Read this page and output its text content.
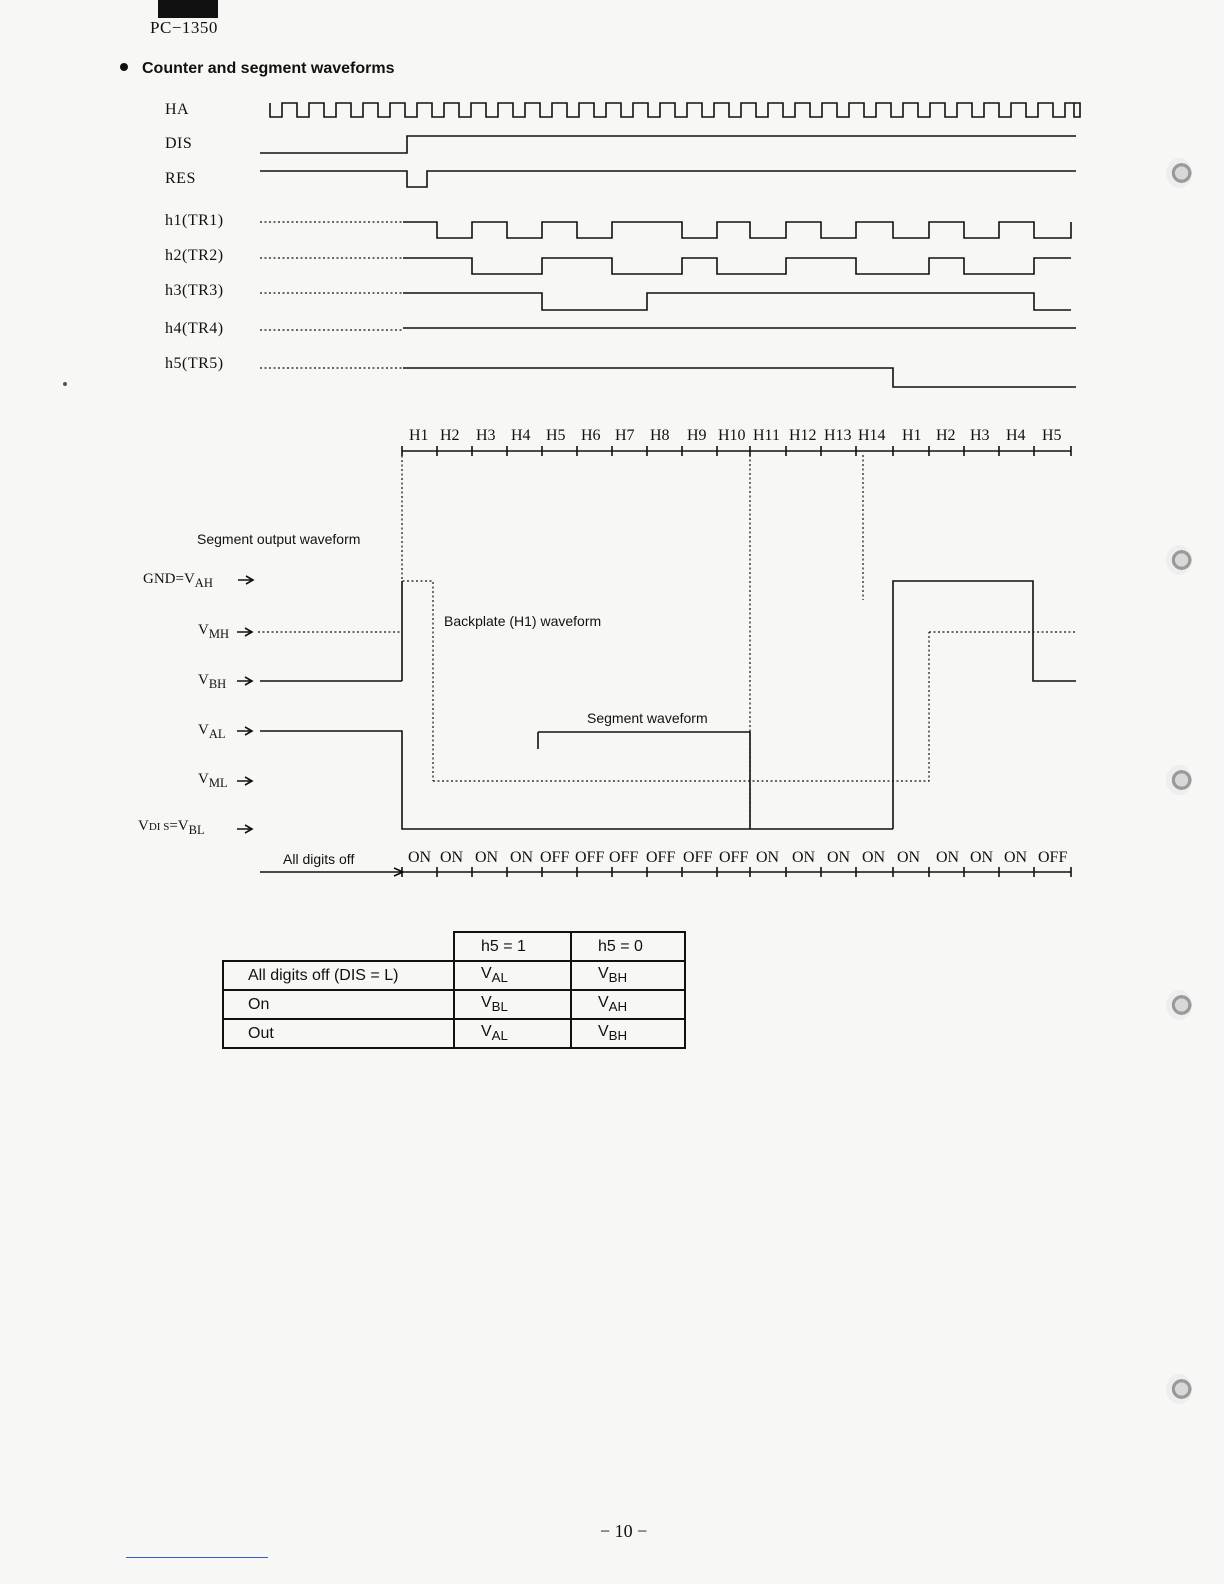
PC−1350
Counter and segment waveforms
HA
DIS
RES
h1(TR1)
h2(TR2)
h3(TR3)
h4(TR4)
h5(TR5)
H1 H2 H3 H4 H5 H6 H7 H8 H9 H10 H11 H12 H13 H14 H1 H2 H3 H4 H5
Segment output waveform
Backplate (H1) waveform
Segment waveform
All digits off
$GND=V_{AH}$
$V_{MH}$
$V_{BH}$
$V_{AL}$
$V_{ML}$
VDI $S=V_{BL}$
ON ON ON ON OFF OFF OFF OFF OFF OFF ON ON ON ON ON ON ON ON OFF
	h5 = 1	h5 = 0
All digits off (DIS = L)	$V_{AL}$	$V_{BH}$
On	$V_{BL}$	$V_{AH}$
Out	$V_{AL}$	$V_{BH}$
− 10 −
